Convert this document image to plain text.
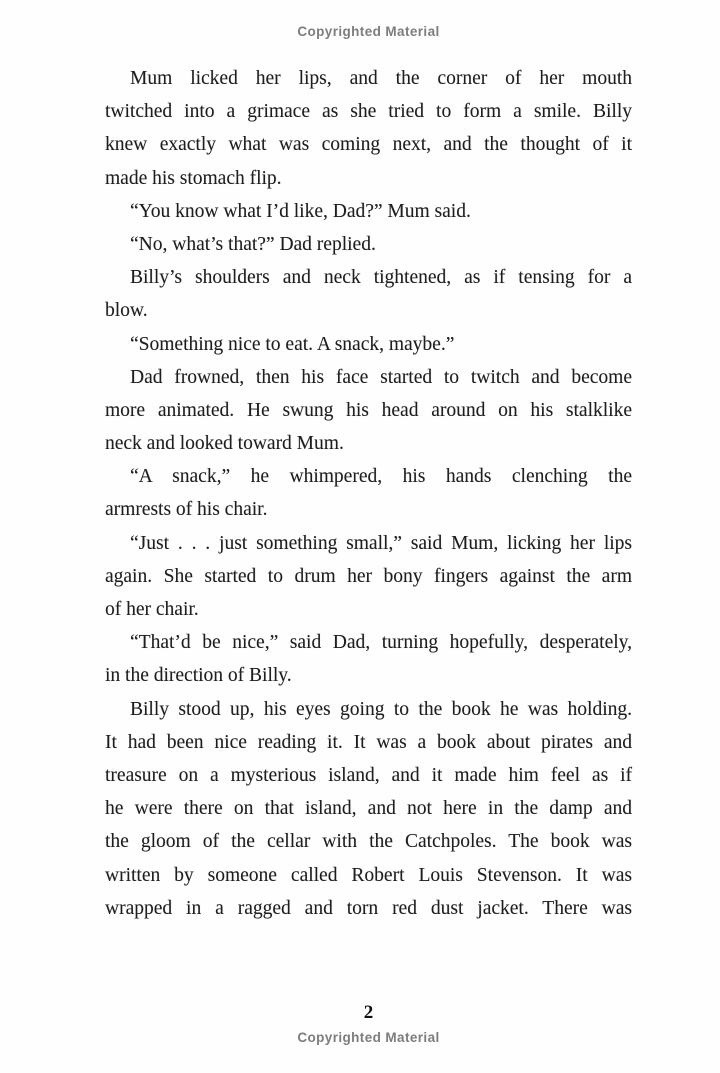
Copyrighted Material
Mum licked her lips, and the corner of her mouth
twitched into a grimace as she tried to form a smile. Billy
knew exactly what was coming next, and the thought of it
made his stomach flip.
“You know what I’d like, Dad?” Mum said.
“No, what’s that?” Dad replied.
Billy’s shoulders and neck tightened, as if tensing for a
blow.
“Something nice to eat. A snack, maybe.”
Dad frowned, then his face started to twitch and become
more animated. He swung his head around on his stalklike
neck and looked toward Mum.
“A snack,” he whimpered, his hands clenching the
armrests of his chair.
“Just . . . just something small,” said Mum, licking her lips
again. She started to drum her bony fingers against the arm
of her chair.
“That’d be nice,” said Dad, turning hopefully, desperately,
in the direction of Billy.
Billy stood up, his eyes going to the book he was holding.
It had been nice reading it. It was a book about pirates and
treasure on a mysterious island, and it made him feel as if
he were there on that island, and not here in the damp and
the gloom of the cellar with the Catchpoles. The book was
written by someone called Robert Louis Stevenson. It was
wrapped in a ragged and torn red dust jacket. There was
2
Copyrighted Material
